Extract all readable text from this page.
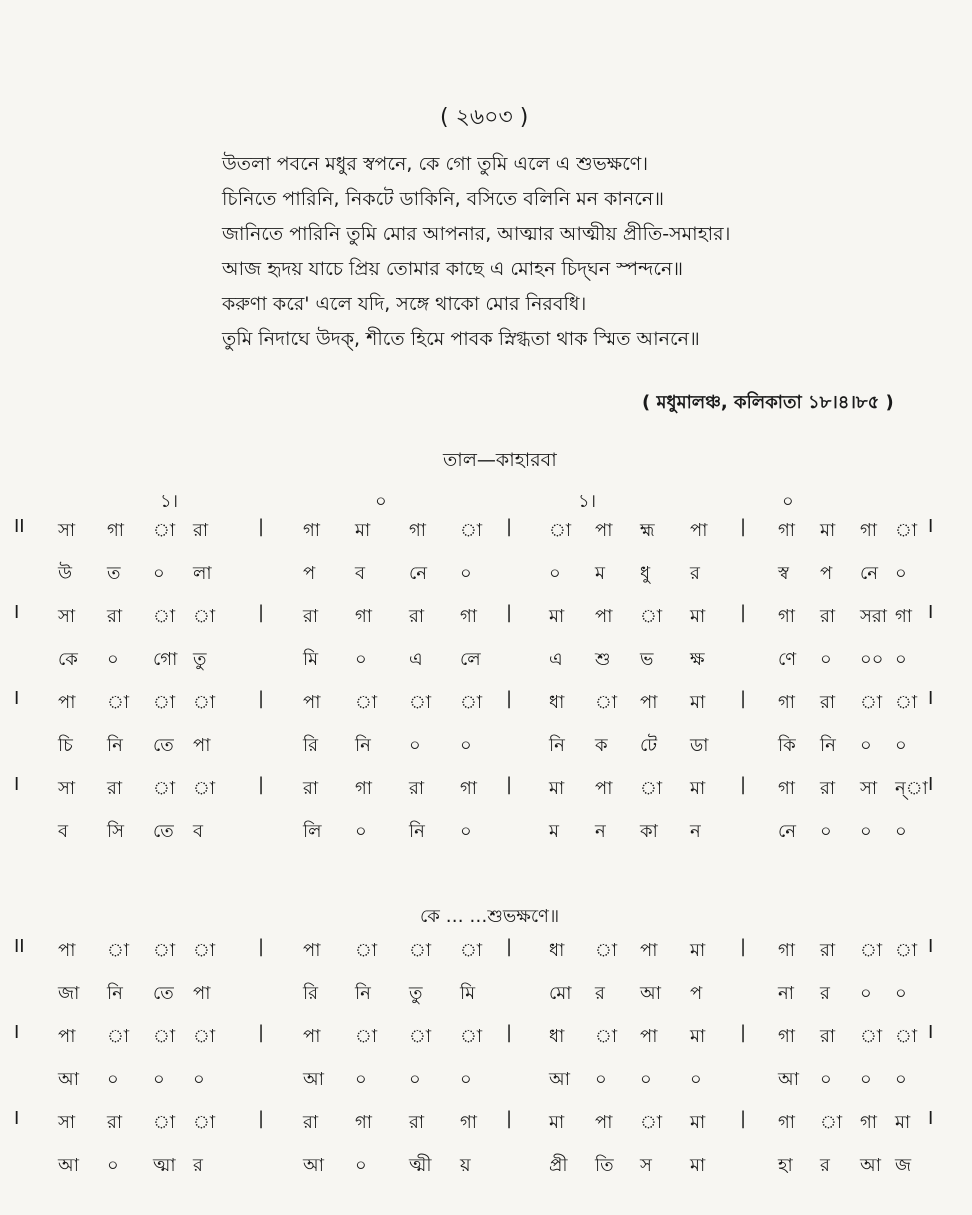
( ২৬০৩ )
উতলা পবনে মধুর স্বপনে, কে গো তুমি এলে এ শুভক্ষণে।
চিনিতে পারিনি, নিকটে ডাকিনি, বসিতে বলিনি মন কাননে॥
জানিতে পারিনি তুমি মোর আপনার, আত্মার আত্মীয় প্রীতি-সমাহার।
আজ হৃদয় যাচে প্রিয় তোমার কাছে এ মোহন চিদ্‌ঘন স্পন্দনে॥
করুণা করে' এলে যদি, সঙ্গে থাকো মোর নিরবধি।
তুমি নিদাঘে উদক্‌, শীতে হিমে পাবক স্নিগ্ধতা থাক স্মিত আননে॥
( মধুমালঞ্চ, কলিকাতা ১৮।৪।৮৫ )
তাল—কাহারবা
১।	০	১।	০
II	|	|	|	I
সা গা া রা	গা মা গা া	া পা হ্ম পা	গা মা গা া
উ ত ০ লা	প ব নে ০	০ ম ধু র	স্ব প নে ০
I	|	|	|	I
সা রা া া	রা গা রা গা	মা পা া মা	গা রা সরা গা
কে ০ গো তু	মি ০ এ লে	এ শু ভ ক্ষ	ণে ০ ০০ ০
I	|	|	|	I
পা া া া	পা া া া	ধা া পা মা	গা রা া া
চি নি তে পা	রি নি ০ ০	নি ক টে ডা	কি নি ০ ০
I	|	|	|	I
সা রা া া	রা গা রা গা	মা পা া মা	গা রা সা ন্‌া
ব সি তে ব	লি ০ নি ০	ম ন কা ন	নে ০ ০ ০
কে … …শুভক্ষণে॥
II	|	|	|	I
পা া া া	পা া া া	ধা া পা মা	গা রা া া
জা নি তে পা	রি নি তু মি	মো র আ প	না র ০ ০
I	|	|	|	I
পা া া া	পা া া া	ধা া পা মা	গা রা া া
আ ০ ০ ০	আ ০ ০ ০	আ ০ ০ ০	আ ০ ০ ০
I	|	|	|	I
সা রা া া	রা গা রা গা	মা পা া মা	গা া গা মা
আ ০ ত্মা র	আ ০ ত্মী য়	প্রী তি স মা	হা র আ জ
